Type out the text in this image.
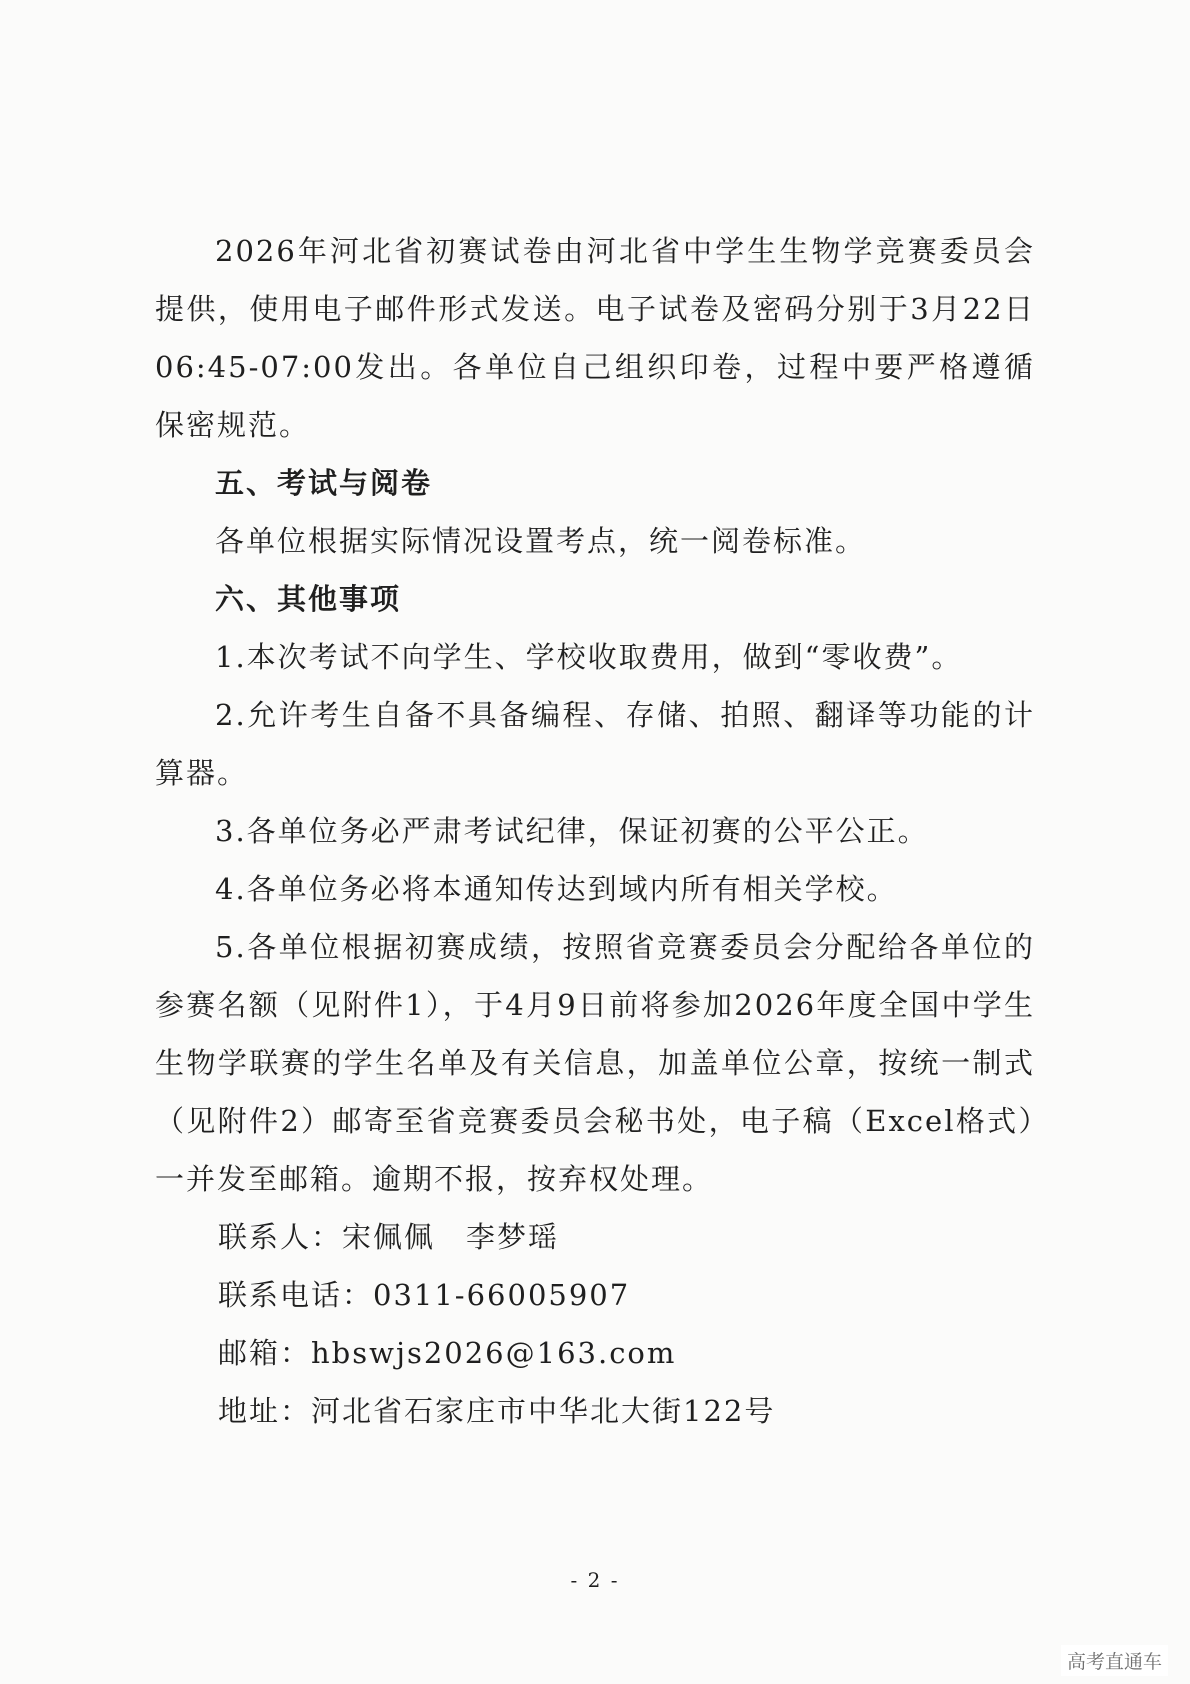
2026年河北省初赛试卷由河北省中学生生物学竞赛委员会提供，使用电子邮件形式发送。电子试卷及密码分别于3月22日06:45-07:00发出。各单位自己组织印卷，过程中要严格遵循保密规范。

五、考试与阅卷

各单位根据实际情况设置考点，统一阅卷标准。

六、其他事项

1.本次考试不向学生、学校收取费用，做到“零收费”。

2.允许考生自备不具备编程、存储、拍照、翻译等功能的计算器。

3.各单位务必严肃考试纪律，保证初赛的公平公正。

4.各单位务必将本通知传达到域内所有相关学校。

5.各单位根据初赛成绩，按照省竞赛委员会分配给各单位的参赛名额（见附件1），于4月9日前将参加2026年度全国中学生生物学联赛的学生名单及有关信息，加盖单位公章，按统一制式（见附件2）邮寄至省竞赛委员会秘书处，电子稿（Excel格式）一并发至邮箱。逾期不报，按弃权处理。

联系人：宋佩佩　李梦瑶
联系电话：0311-66005907
邮箱：hbswjs2026@163.com
地址：河北省石家庄市中华北大街122号
- 2 -
高考直通车
